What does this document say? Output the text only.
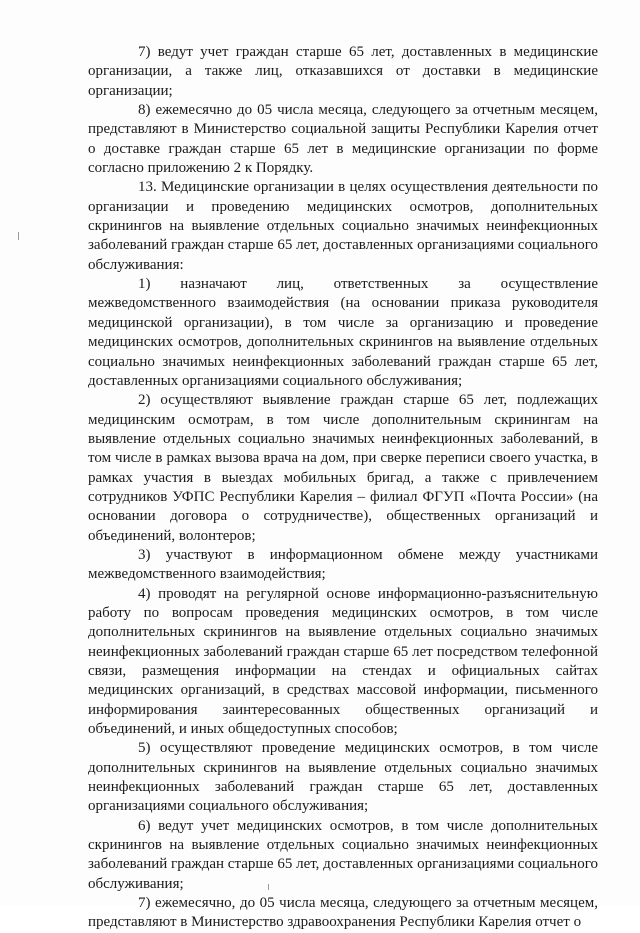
7) ведут учет граждан старше 65 лет, доставленных в медицинские организации, а также лиц, отказавшихся от доставки в медицинские организации;

8) ежемесячно до 05 числа месяца, следующего за отчетным месяцем, представляют в Министерство социальной защиты Республики Карелия отчет о доставке граждан старше 65 лет в медицинские организации по форме согласно приложению 2 к Порядку.

13. Медицинские организации в целях осуществления деятельности по организации и проведению медицинских осмотров, дополнительных скринингов на выявление отдельных социально значимых неинфекционных заболеваний граждан старше 65 лет, доставленных организациями социального обслуживания:

1) назначают лиц, ответственных за осуществление межведомственного взаимодействия (на основании приказа руководителя медицинской организации), в том числе за организацию и проведение медицинских осмотров, дополнительных скринингов на выявление отдельных социально значимых неинфекционных заболеваний граждан старше 65 лет, доставленных организациями социального обслуживания;

2) осуществляют выявление граждан старше 65 лет, подлежащих медицинским осмотрам, в том числе дополнительным скринингам на выявление отдельных социально значимых неинфекционных заболеваний, в том числе в рамках вызова врача на дом, при сверке переписи своего участка, в рамках участия в выездах мобильных бригад, а также с привлечением сотрудников УФПС Республики Карелия – филиал ФГУП «Почта России» (на основании договора о сотрудничестве), общественных организаций и объединений, волонтеров;

3) участвуют в информационном обмене между участниками межведомственного взаимодействия;

4) проводят на регулярной основе информационно-разъяснительную работу по вопросам проведения медицинских осмотров, в том числе дополнительных скринингов на выявление отдельных социально значимых неинфекционных заболеваний граждан старше 65 лет посредством телефонной связи, размещения информации на стендах и официальных сайтах медицинских организаций, в средствах массовой информации, письменного информирования заинтересованных общественных организаций и объединений, и иных общедоступных способов;

5) осуществляют проведение медицинских осмотров, в том числе дополнительных скринингов на выявление отдельных социально значимых неинфекционных заболеваний граждан старше 65 лет, доставленных организациями социального обслуживания;

6) ведут учет медицинских осмотров, в том числе дополнительных скринингов на выявление отдельных социально значимых неинфекционных заболеваний граждан старше 65 лет, доставленных организациями социального обслуживания;

7) ежемесячно, до 05 числа месяца, следующего за отчетным месяцем, представляют в Министерство здравоохранения Республики Карелия отчет о
